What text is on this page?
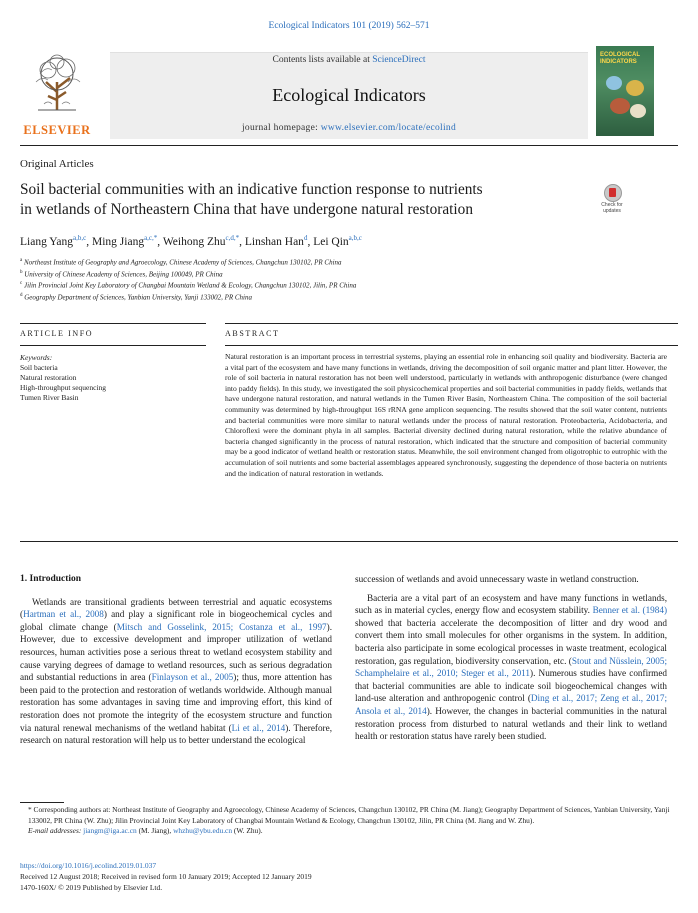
Ecological Indicators 101 (2019) 562–571
ELSEVIER
Contents lists available at ScienceDirect
Ecological Indicators
journal homepage: www.elsevier.com/locate/ecolind
ECOLOGICAL INDICATORS
Original Articles
Soil bacterial communities with an indicative function response to nutrients
in wetlands of Northeastern China that have undergone natural restoration	Check for updates
Liang Yang$^{a,b,c}$, Ming Jiang$^{a,c,*}$, Weihong Zhu$^{c,d,*}$, Linshan Han$^d$, Lei Qin$^{a,b,c}$
$^a$ Northeast Institute of Geography and Agroecology, Chinese Academy of Sciences, Changchun 130102, PR China
$^b$ University of Chinese Academy of Sciences, Beijing 100049, PR China
$^c$ Jilin Provincial Joint Key Laboratory of Changbai Mountain Wetland & Ecology, Changchun 130102, Jilin, PR China
$^d$ Geography Department of Sciences, Yanbian University, Yanji 133002, PR China
ARTICLE INFO	ABSTRACT
Keywords:
Soil bacteria
Natural restoration
High-throughput sequencing
Tumen River Basin
Natural restoration is an important process in terrestrial systems, playing an essential role in enhancing soil quality and biodiversity. Bacteria are a vital part of the ecosystem and have many functions in wetlands, driving the decomposition of soil organic matter and plant litter. However, the role of soil bacteria in natural restoration has not been well understood, particularly in wetlands with anthropogenic disturbance (were changed into paddy fields). In this study, we investigated the soil physicochemical properties and soil bacterial communities in paddy fields, wetlands that have undergone natural restoration, and natural wetlands in the Tumen River Basin, Northeastern China. The composition of the soil bacterial community was determined by high-throughput 16S rRNA gene amplicon sequencing. The results showed that the soil water content, nutrients and bacterial communities were more similar to natural wetlands under the process of natural restoration. Proteobacteria, Acidobacteria, and Chloroflexi were the dominant phyla in all samples. Bacterial diversity declined during natural restoration, while the relative abundance of bacteria changed significantly in the process of natural restoration, which indicated that the structure and composition of bacterial community may be a good indicator of wetland health or restoration status. Meanwhile, the soil environment changed from oligotrophic to eutrophic with the accumulation of soil nutrients and some bacterial assemblages appeared synchronously, suggesting the dependence of those bacteria on nutrients and the indication of natural restoration in wetlands.
1. Introduction

Wetlands are transitional gradients between terrestrial and aquatic ecosystems (Hartman et al., 2008) and play a significant role in biogeochemical cycles and global climate change (Mitsch and Gosselink, 2015; Costanza et al., 1997). However, due to excessive development and improper utilization of wetland resources, human activities pose a serious threat to wetland ecosystem stability and cause varying degrees of damage to wetland resources, such as serious degradation and substantial reductions in area (Finlayson et al., 2005); thus, more attention has been paid to the protection and restoration of wetlands worldwide. Although manual restoration has some advantages in saving time and improving effort, this kind of restoration does not promote the integrity of the ecosystem structure and function via natural renewal mechanisms of the wetland habitat (Li et al., 2014). Therefore, research on natural restoration will help us to better understand the ecological

succession of wetlands and avoid unnecessary waste in wetland construction.

Bacteria are a vital part of an ecosystem and have many functions in wetlands, such as in material cycles, energy flow and ecosystem stability. Benner et al. (1984) showed that bacteria accelerate the decomposition of litter and dry wood and convert them into small molecules for other organisms in the system. In addition, bacteria also participate in some ecological processes in waste treatment, ecological restoration, gas regulation, biodiversity conservation, etc. (Stout and Nüsslein, 2005; Schamphelaire et al., 2010; Steger et al., 2011). Numerous studies have confirmed that bacterial communities are able to indicate soil biogeochemical changes with land-use alteration and anthropogenic control (Ding et al., 2017; Zeng et al., 2017; Ansola et al., 2014). However, the changes in bacterial communities in the natural restoration process from disturbed to natural wetlands and their link to wetland health or restoration status have rarely been studied.

* Corresponding authors at: Northeast Institute of Geography and Agroecology, Chinese Academy of Sciences, Changchun 130102, PR China (M. Jiang); Geography Department of Sciences, Yanbian University, Yanji 133002, PR China (W. Zhu); Jilin Provincial Joint Key Laboratory of Changbai Mountain Wetland & Ecology, Changchun 130102, Jilin, PR China (M. Jiang and W. Zhu).
E-mail addresses: jiangm@iga.ac.cn (M. Jiang), whzhu@ybu.edu.cn (W. Zhu).
https://doi.org/10.1016/j.ecolind.2019.01.037
Received 12 August 2018; Received in revised form 10 January 2019; Accepted 12 January 2019
1470-160X/ © 2019 Published by Elsevier Ltd.
